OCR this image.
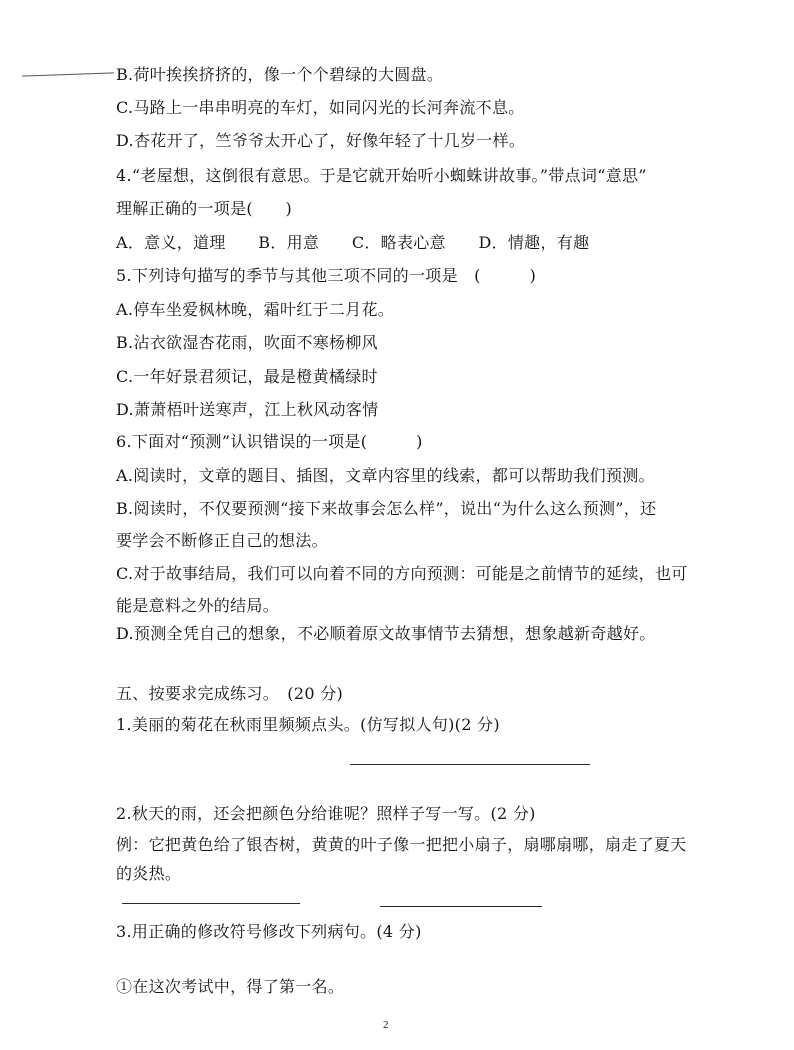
B.荷叶挨挨挤挤的，像一个个碧绿的大圆盘。
C.马路上一串串明亮的车灯，如同闪光的长河奔流不息。
D.杏花开了，竺爷爷太开心了，好像年轻了十几岁一样。
4.“老屋想，这倒很有意思。于是它就开始听小蜘蛛讲故事。”带点词“意思”
理解正确的一项是(　　)
A．意义，道理　　B．用意　　C．略表心意　　D．情趣，有趣
5.下列诗句描写的季节与其他三项不同的一项是　(　　　)
A.停车坐爱枫林晚，霜叶红于二月花。
B.沾衣欲湿杏花雨，吹面不寒杨柳风
C.一年好景君须记，最是橙黄橘绿时
D.萧萧梧叶送寒声，江上秋风动客情
6.下面对“预测”认识错误的一项是(　　　)
A.阅读时，文章的题目、插图，文章内容里的线索，都可以帮助我们预测。
B.阅读时，不仅要预测“接下来故事会怎么样”，说出“为什么这么预测”，还
要学会不断修正自己的想法。
C.对于故事结局，我们可以向着不同的方向预测：可能是之前情节的延续，也可
能是意料之外的结局。
D.预测全凭自己的想象，不必顺着原文故事情节去猜想，想象越新奇越好。
五、按要求完成练习。　(20 分)
1.美丽的菊花在秋雨里频频点头。(仿写拟人句)(2 分)
2.秋天的雨，还会把颜色分给谁呢？照样子写一写。(2 分)
例：它把黄色给了银杏树，黄黄的叶子像一把把小扇子，扇哪扇哪，扇走了夏天
的炎热。
3.用正确的修改符号修改下列病句。(4 分)
①在这次考试中，得了第一名。
2
